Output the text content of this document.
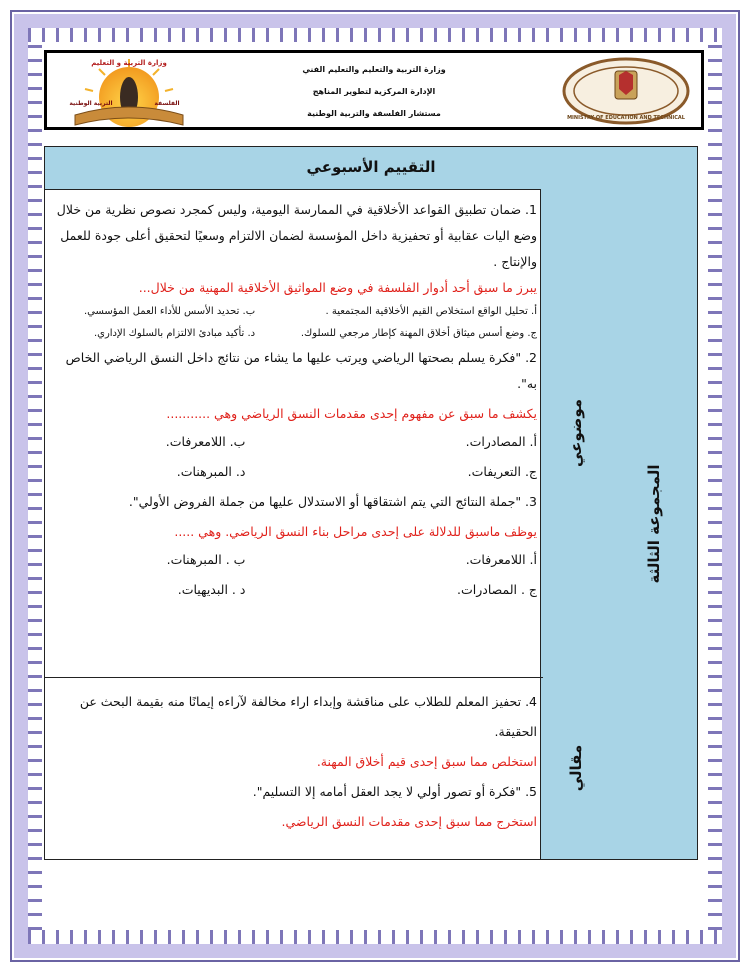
وزارة التربية و التعليم
التربية الوطنية	الفلسفة
وزارة التربية والتعليم والتعليم الفني
الإدارة المركزية لتطوير المناهج
مستشار الفلسفة والتربية الوطنية	MINISTRY OF EDUCATION AND TECHNICAL
التقييم الأسبوعي
المجموعة الثالثة
موضوعي
مقالي
1. ضمان تطبيق القواعد الأخلاقية في الممارسة اليومية، وليس كمجرد نصوص نظرية من خلال وضع اليات عقابية أو تحفيزية داخل المؤسسة لضمان الالتزام وسعيًا لتحقيق أعلى جودة للعمل والإنتاج .
يبرز ما سبق أحد أدوار الفلسفة في وضع المواثيق الأخلاقية المهنية من خلال...
أ. تحليل الواقع استخلاص القيم الأخلاقية المجتمعية .
ب. تحديد الأسس للأداء العمل المؤسسي.
ج. وضع أسس ميثاق أخلاق المهنة كإطار مرجعي للسلوك.
د. تأكيد مبادئ الالتزام بالسلوك الإداري.
2. "فكرة يسلم بصحتها الرياضي ويرتب عليها ما يشاء من نتائج داخل النسق الرياضي الخاص به".
يكشف ما سبق عن مفهوم إحدى مقدمات النسق الرياضي وهي ...........
أ. المصادرات.
ب. اللامعرفات.
ج. التعريفات.
د. المبرهنات.
3. "جملة النتائج التي يتم اشتقاقها أو الاستدلال عليها من جملة الفروض الأولي".
يوظف ماسبق للدلالة على إحدى مراحل بناء النسق الرياضي. وهي .....
أ. اللامعرفات.
ب . المبرهنات.
ج . المصادرات.
د . البديهيات.
4. تحفيز المعلم للطلاب على مناقشة وإبداء اراء مخالفة لآراءه إيمانًا منه بقيمة البحث عن الحقيقة.
استخلص مما سبق إحدى قيم أخلاق المهنة.
5. "فكرة أو تصور أولي لا يجد العقل أمامه إلا التسليم".
استخرج مما سبق إحدى مقدمات النسق الرياضي.
